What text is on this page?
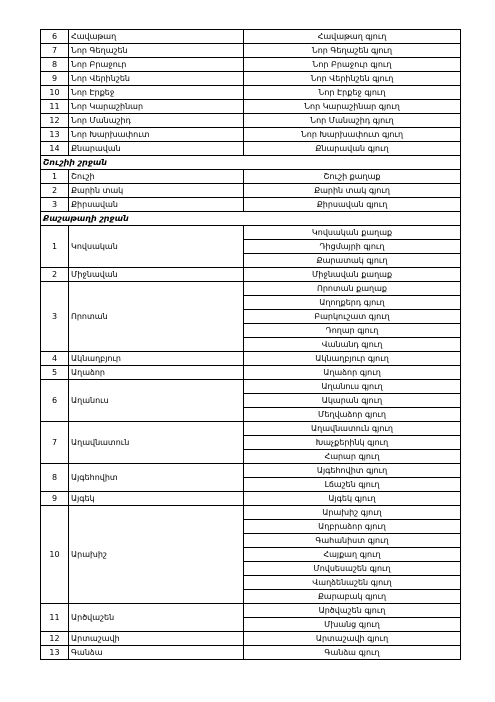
6	Հավաթաղ	Հավաթաղ գյուղ
7	Նոր Գեղաշեն	Նոր Գեղաշեն գյուղ
8	Նոր Բրաջուր	Նոր Բրաջուր գյուղ
9	Նոր Վերինշեն	Նոր Վերինշեն գյուղ
10	Նոր Էրքեջ	Նոր Էրքեջ գյուղ
11	Նոր Կարաշինար	Նոր Կարաշինար գյուղ
12	Նոր Մանաշիդ	Նոր Մանաշիդ գյուղ
13	Նոր Խարխափուտ	Նոր Խարխափուտ գյուղ
14	Քնարավան	Քնարավան գյուղ
Շուշիի շրջան		
1	Շուշի	Շուշի քաղաք
2	Քարին տակ	Քարին տակ գյուղ
3	Քիրսավան	Քիրսավան գյուղ
Քաշաթաղի շրջան		
1	Կովսական	Կովսական քաղաք
		Դիցմայրի գյուղ
		Քարատակ գյուղ
2	Միջնավան	Միջնավան քաղաք
3	Որոտան	Որոտան քաղաք
		Աղողքերդ գյուղ
		Բարկուշատ գյուղ
		Դողար գյուղ
		Վանանդ գյուղ
4	Ակնաղբյուր	Ակնաղբյուր գյուղ
5	Աղաձոր	Աղաձոր գյուղ
6	Աղանուս	Աղանուս գյուղ
		Ակարան գյուղ
		Մեղվաձոր գյուղ
7	Աղավնատուն	Աղավնատուն գյուղ
		Խաչքերինկ գյուղ
		Հարար գյուղ
8	Այգեհովիտ	Այգեհովիտ գյուղ
		Լճաշեն գյուղ
9	Այգեկ	Այգեկ գյուղ
10	Արախիշ	Արախիշ գյուղ
		Աղբրաձոր գյուղ
		Գահանիստ գյուղ
		Հայքաղ գյուղ
		Մովսեսաշեն գյուղ
		Վաղձենաշեն գյուղ
		Քարաբակ գյուղ
11	Արծվաշեն	Արծվաշեն գյուղ
		Մխանց գյուղ
12	Արտաշավի	Արտաշավի գյուղ
13	Գանձա	Գանձա գյուղ
